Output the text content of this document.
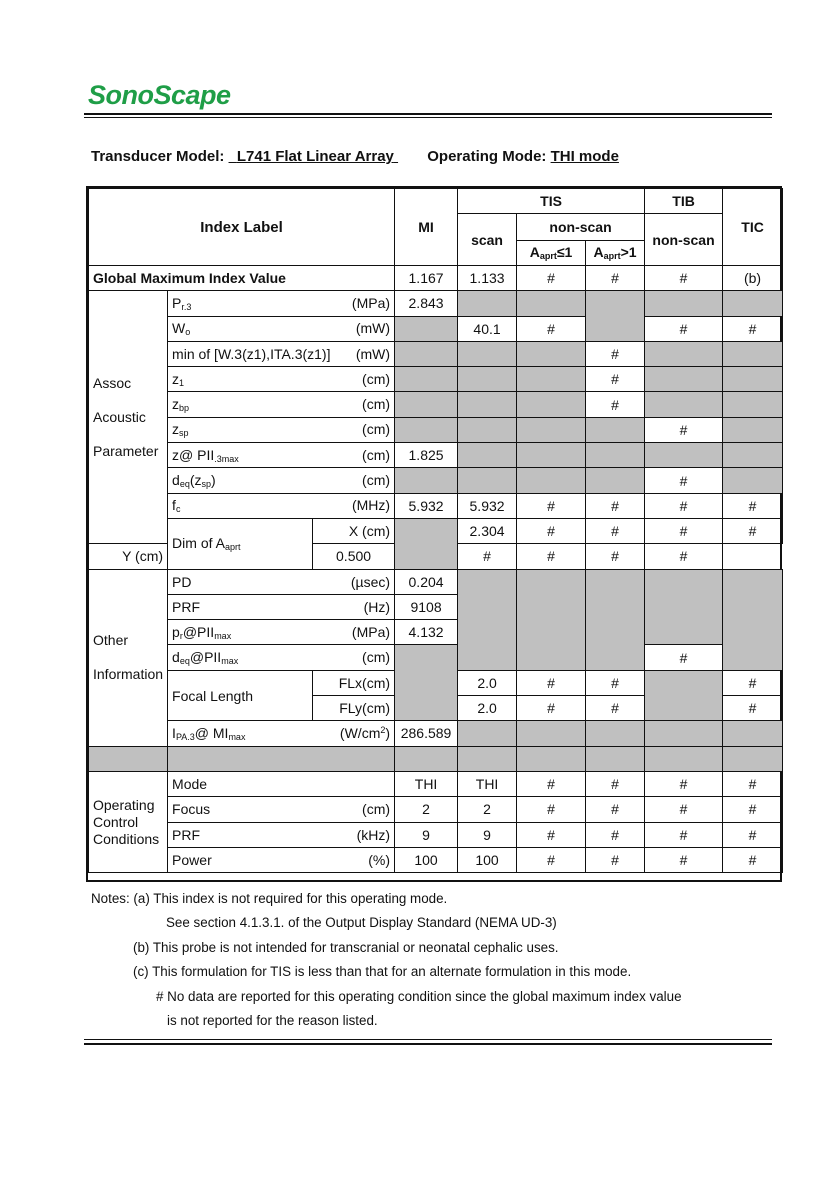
SonoScape
Transducer Model: L741 Flat Linear Array Operating Mode: THI mode
Index Label			MI	TIS			TIB	TIC
				scan	non-scan		non-scan	
					$A_{aprt}\le 1$	$A_{aprt}>1$		
Global Maximum Index Value			1.167	1.133	#	#	#	(b)
Assoc

Acoustic

Parameter	$P_{r.3}$ (MPa)		2.843					

	$W_o$ (mW)			40.1	#		#	#

	min of [W.3(z1),ITA.3(z1)] (mW)					#		

	$z_1$ (cm)					#		

	$z_{bp}$ (cm)					#		

	$z_{sp}$ (cm)						#	

	z@ $PII_{.3max}$ (cm)		1.825					

	$d_{eq}(z_{sp})$ (cm)						#	

	$f_c$ (MHz)		5.932	5.932	#	#	#	#
	Dim of $A_{aprt}$	X (cm)		2.304	#	#	#	#
Y (cm)		0.500		#	#	#	#	
Other

Information	PD (µsec)		0.204					

	PRF (Hz)		9108					

	$p_r@PII_{max}$ (MPa)		4.132					

	$d_{eq}@PII_{max}$ (cm)						#	
	Focal Length	FLx(cm)		2.0	#	#		#
		FLy(cm)		2.0	#	#		#

	$I_{PA.3}@$ $MI_{max}$ $(W/cm^2)$		286.589					

Operating Control Conditions	Mode		THI	THI	#	#	#	#

	Focus (cm)		2	2	#	#	#	#

	PRF (kHz)		9	9	#	#	#	#

	Power (%)		100	100	#	#	#	#
Notes: (a) This index is not required for this operating mode.
See section 4.1.3.1. of the Output Display Standard (NEMA UD-3)
(b) This probe is not intended for transcranial or neonatal cephalic uses.
(c) This formulation for TIS is less than that for an alternate formulation in this mode.
# No data are reported for this operating condition since the global maximum index value
is not reported for the reason listed.
